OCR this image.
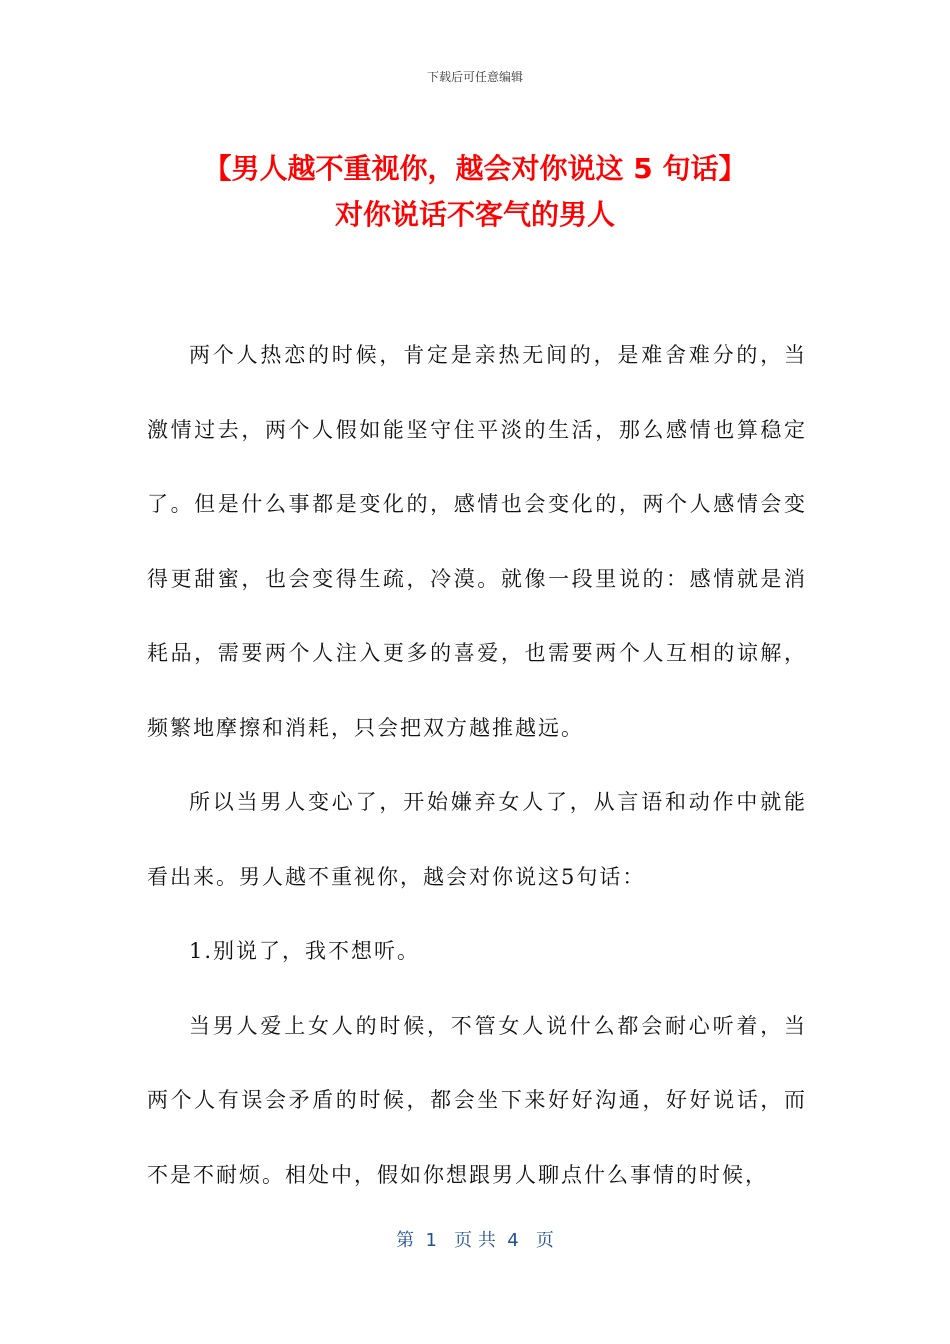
下载后可任意编辑
【男人越不重视你，越会对你说这 5 句话】
对你说话不客气的男人

两个人热恋的时候，肯定是亲热无间的，是难舍难分的，当激情过去，两个人假如能坚守住平淡的生活，那么感情也算稳定了。但是什么事都是变化的，感情也会变化的，两个人感情会变得更甜蜜，也会变得生疏，冷漠。就像一段里说的：感情就是消耗品，需要两个人注入更多的喜爱，也需要两个人互相的谅解，频繁地摩擦和消耗，只会把双方越推越远。

所以当男人变心了，开始嫌弃女人了，从言语和动作中就能看出来。男人越不重视你，越会对你说这5句话：

1.别说了，我不想听。

当男人爱上女人的时候，不管女人说什么都会耐心听着，当两个人有误会矛盾的时候，都会坐下来好好沟通，好好说话，而不是不耐烦。相处中，假如你想跟男人聊点什么事情的时候，

第  1   页 共  4   页
